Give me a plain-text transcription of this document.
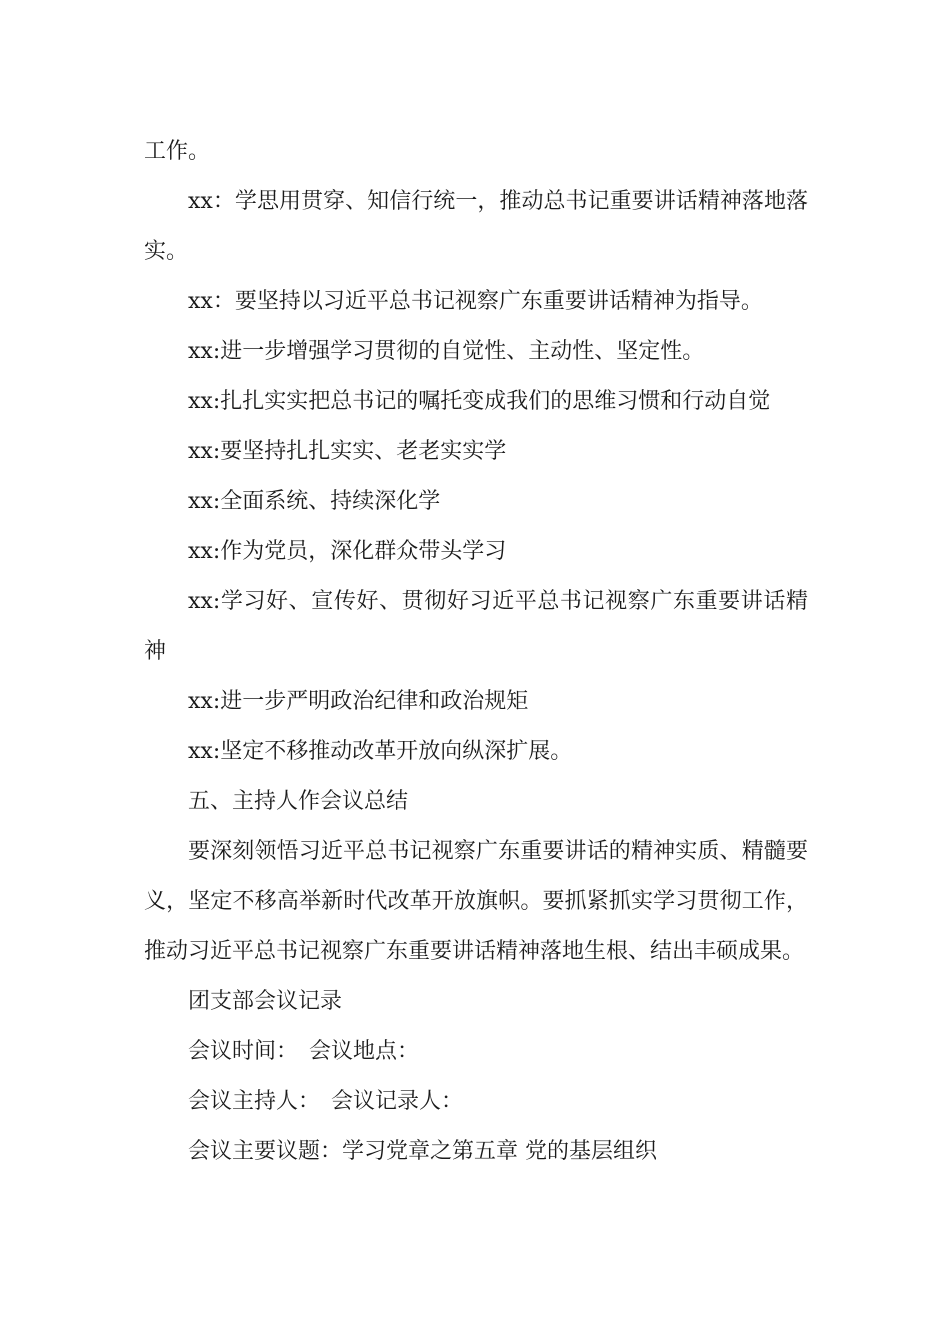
工作。

xx：学思用贯穿、知信行统一，推动总书记重要讲话精神落地落实。

xx：要坚持以习近平总书记视察广东重要讲话精神为指导。

xx:进一步增强学习贯彻的自觉性、主动性、坚定性。

xx:扎扎实实把总书记的嘱托变成我们的思维习惯和行动自觉

xx:要坚持扎扎实实、老老实实学

xx:全面系统、持续深化学

xx:作为党员，深化群众带头学习

xx:学习好、宣传好、贯彻好习近平总书记视察广东重要讲话精神

xx:进一步严明政治纪律和政治规矩

xx:坚定不移推动改革开放向纵深扩展。

五、主持人作会议总结

要深刻领悟习近平总书记视察广东重要讲话的精神实质、精髓要义，坚定不移高举新时代改革开放旗帜。要抓紧抓实学习贯彻工作，推动习近平总书记视察广东重要讲话精神落地生根、结出丰硕成果。

团支部会议记录

会议时间：　会议地点：

会议主持人：　会议记录人：

会议主要议题：学习党章之第五章 党的基层组织
